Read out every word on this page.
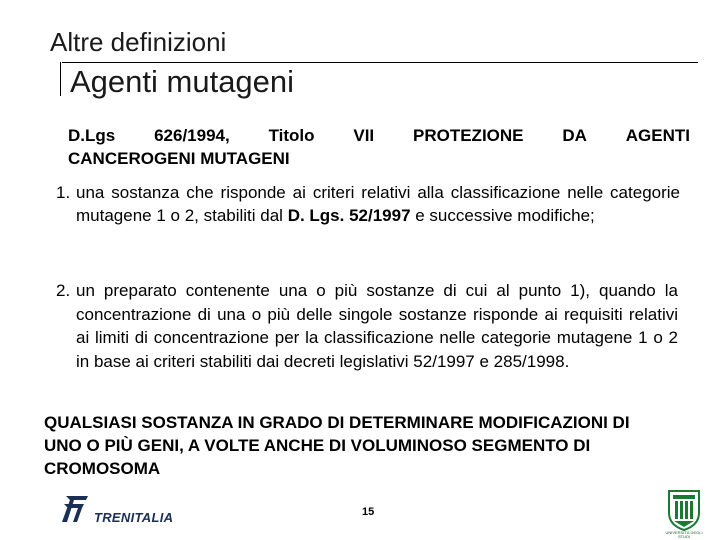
Altre definizioni
Agenti mutageni
D.Lgs 626/1994, Titolo VII PROTEZIONE DA AGENTI
CANCEROGENI MUTAGENI
1. una sostanza che risponde ai criteri relativi alla classificazione nelle categorie mutagene 1 o 2, stabiliti dal D. Lgs. 52/1997 e successive modifiche;
2. un preparato contenente una o più sostanze di cui al punto 1), quando la concentrazione di una o più delle singole sostanze risponde ai requisiti relativi ai limiti di concentrazione per la classificazione nelle categorie mutagene 1 o 2 in base ai criteri stabiliti dai decreti legislativi 52/1997 e 285/1998.
QUALSIASI SOSTANZA IN GRADO DI DETERMINARE MODIFICAZIONI DI UNO O PIÙ GENI, A VOLTE ANCHE DI VOLUMINOSO SEGMENTO DI CROMOSOMA
TRENITALIA	15
UNIVERSITÀ DEGLI STUDI
